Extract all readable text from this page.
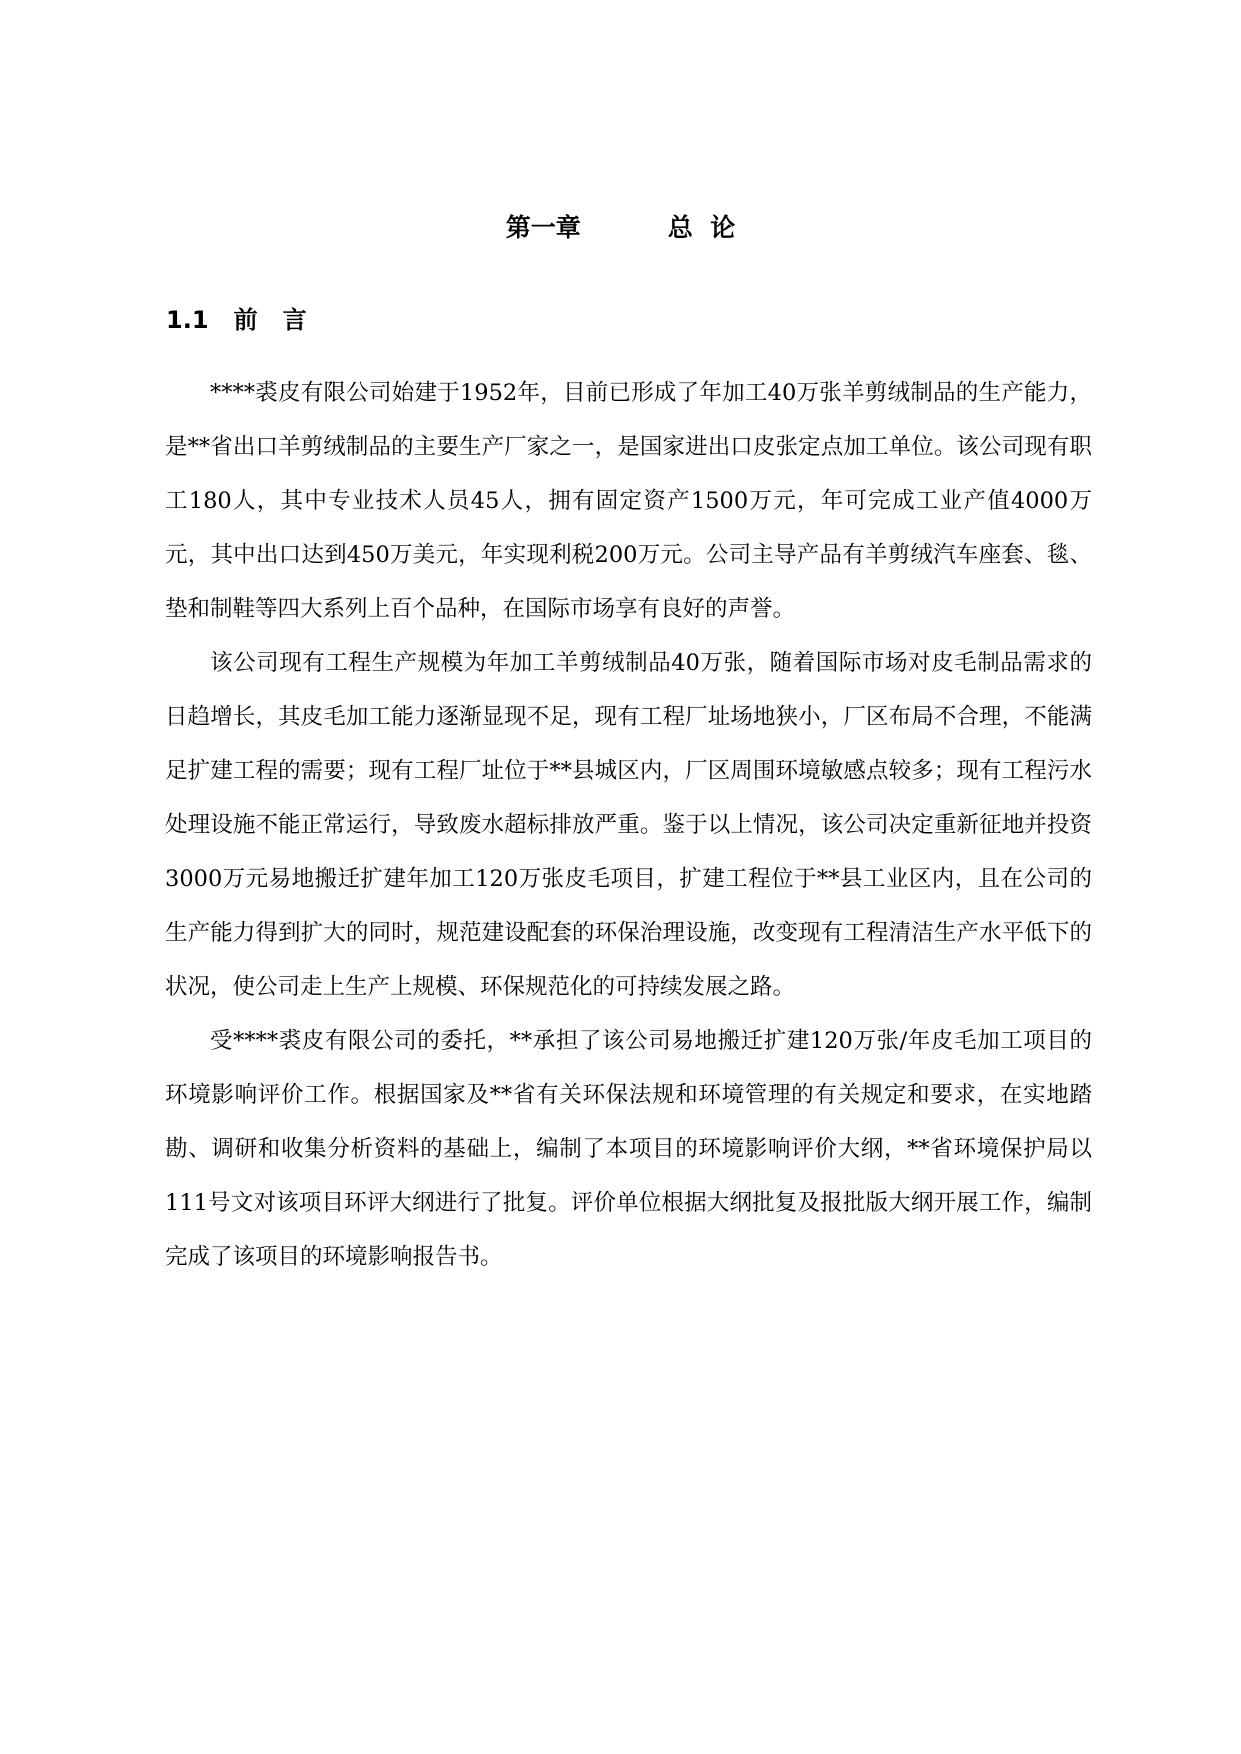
第一章          总  论
1.1   前   言

****裘皮有限公司始建于1952年，目前已形成了年加工40万张羊剪绒制品的生产能力，是**省出口羊剪绒制品的主要生产厂家之一，是国家进出口皮张定点加工单位。该公司现有职工180人，其中专业技术人员45人，拥有固定资产1500万元，年可完成工业产值4000万元，其中出口达到450万美元，年实现利税200万元。公司主导产品有羊剪绒汽车座套、毯、垫和制鞋等四大系列上百个品种，在国际市场享有良好的声誉。

该公司现有工程生产规模为年加工羊剪绒制品40万张，随着国际市场对皮毛制品需求的日趋增长，其皮毛加工能力逐渐显现不足，现有工程厂址场地狭小，厂区布局不合理，不能满足扩建工程的需要；现有工程厂址位于**县城区内，厂区周围环境敏感点较多；现有工程污水处理设施不能正常运行，导致废水超标排放严重。鉴于以上情况，该公司决定重新征地并投资3000万元易地搬迁扩建年加工120万张皮毛项目，扩建工程位于**县工业区内，且在公司的生产能力得到扩大的同时，规范建设配套的环保治理设施，改变现有工程清洁生产水平低下的状况，使公司走上生产上规模、环保规范化的可持续发展之路。

受****裘皮有限公司的委托，**承担了该公司易地搬迁扩建120万张/年皮毛加工项目的环境影响评价工作。根据国家及**省有关环保法规和环境管理的有关规定和要求，在实地踏勘、调研和收集分析资料的基础上，编制了本项目的环境影响评价大纲，**省环境保护局以111号文对该项目环评大纲进行了批复。评价单位根据大纲批复及报批版大纲开展工作，编制完成了该项目的环境影响报告书。
